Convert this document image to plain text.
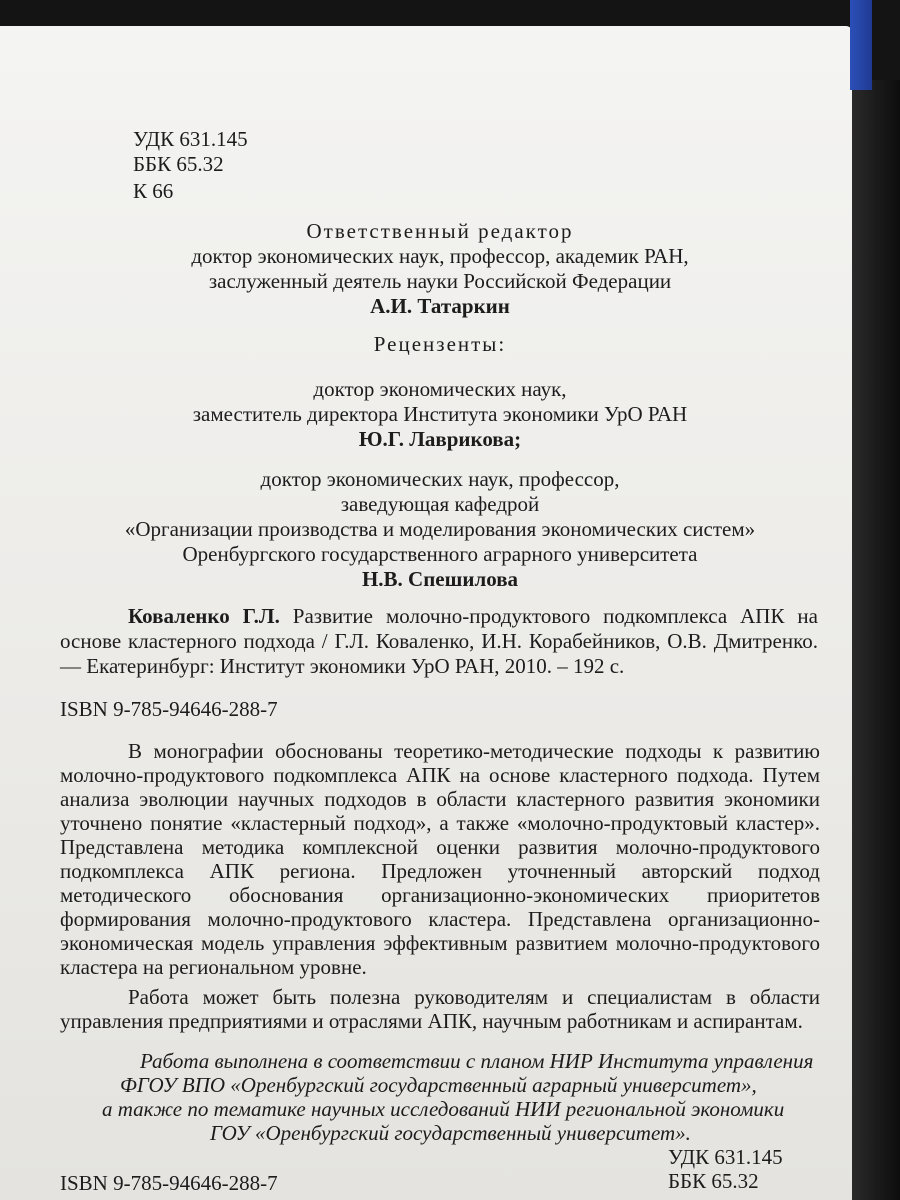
УДК 631.145
ББК 65.32
К 66
Ответственный редактор
доктор экономических наук, профессор, академик РАН,
заслуженный деятель науки Российской Федерации
А.И. Татаркин
Рецензенты:
доктор экономических наук,
заместитель директора Института экономики УрО РАН
Ю.Г. Лаврикова;
доктор экономических наук, профессор,
заведующая кафедрой
«Организации производства и моделирования экономических систем»
Оренбургского государственного аграрного университета
Н.В. Спешилова
Коваленко Г.Л. Развитие молочно-продуктового подкомплекса АПК на
основе кластерного подхода / Г.Л. Коваленко, И.Н. Корабейников, О.В. Дмитренко.
— Екатеринбург: Институт экономики УрО РАН, 2010. – 192 с.
ISBN 9-785-94646-288-7
В монографии обоснованы теоретико-методические подходы к развитию
молочно-продуктового подкомплекса АПК на основе кластерного подхода. Путем
анализа эволюции научных подходов в области кластерного развития экономики
уточнено понятие «кластерный подход», а также «молочно-продуктовый кластер».
Представлена методика комплексной оценки развития молочно-продуктового
подкомплекса АПК региона. Предложен уточненный авторский подход
методического обоснования организационно-экономических приоритетов
формирования молочно-продуктового кластера. Представлена организационно-
экономическая модель управления эффективным развитием молочно-продуктового
кластера на региональном уровне.
Работа может быть полезна руководителям и специалистам в области
управления предприятиями и отраслями АПК, научным работникам и аспирантам.
Работа выполнена в соответствии с планом НИР Института управления
ФГОУ ВПО «Оренбургский государственный аграрный университет»,
а также по тематике научных исследований НИИ региональной экономики
ГОУ «Оренбургский государственный университет».
УДК 631.145
ББК 65.32
ISBN 9-785-94646-288-7
